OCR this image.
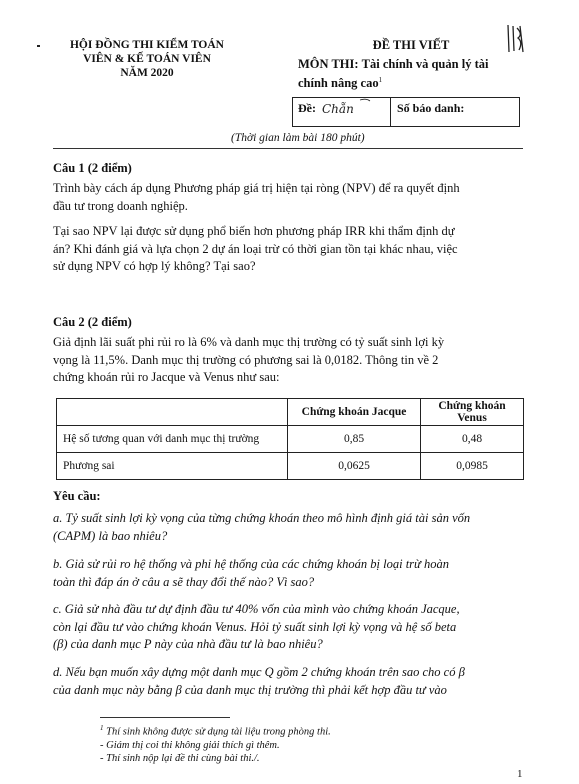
HỘI ĐỒNG THI KIỂM TOÁN
VIÊN & KẾ TOÁN VIÊN
NĂM 2020
ĐỀ THI VIẾT
MÔN THI: Tài chính và quản lý tài
chính nâng cao$^1$
Đề: Chẵn	Số báo danh:
(Thời gian làm bài 180 phút)
Câu 1 (2 điểm)
Trình bày cách áp dụng Phương pháp giá trị hiện tại ròng (NPV) để ra quyết định
đầu tư trong doanh nghiệp.
Tại sao NPV lại được sử dụng phổ biến hơn phương pháp IRR khi thẩm định dự
án? Khi đánh giá và lựa chọn 2 dự án loại trừ có thời gian tồn tại khác nhau, việc
sử dụng NPV có hợp lý không? Tại sao?
Câu 2 (2 điểm)
Giả định lãi suất phi rủi ro là 6% và danh mục thị trường có tỷ suất sinh lợi kỳ
vọng là 11,5%. Danh mục thị trường có phương sai là 0,0182. Thông tin về 2
chứng khoán rủi ro Jacque và Venus như sau:
	Chứng khoán Jacque	Chứng khoán Venus
Hệ số tương quan với danh mục thị trường	0,85	0,48
Phương sai	0,0625	0,0985
Yêu cầu:
a. Tỷ suất sinh lợi kỳ vọng của từng chứng khoán theo mô hình định giá tài sản vốn
(CAPM) là bao nhiêu?
b. Giả sử rủi ro hệ thống và phi hệ thống của các chứng khoán bị loại trừ hoàn
toàn thì đáp án ở câu a sẽ thay đổi thế nào? Vì sao?
c. Giả sử nhà đầu tư dự định đầu tư 40% vốn của mình vào chứng khoán Jacque,
còn lại đầu tư vào chứng khoán Venus. Hỏi tỷ suất sinh lợi kỳ vọng và hệ số beta
(β) của danh mục P này của nhà đầu tư là bao nhiêu?
d. Nếu bạn muốn xây dựng một danh mục Q gồm 2 chứng khoán trên sao cho có β
của danh mục này bằng β của danh mục thị trường thì phải kết hợp đầu tư vào
$^1$ Thí sinh không được sử dụng tài liệu trong phòng thi.
- Giám thị coi thi không giải thích gì thêm.
- Thí sinh nộp lại đề thi cùng bài thi./.
1
